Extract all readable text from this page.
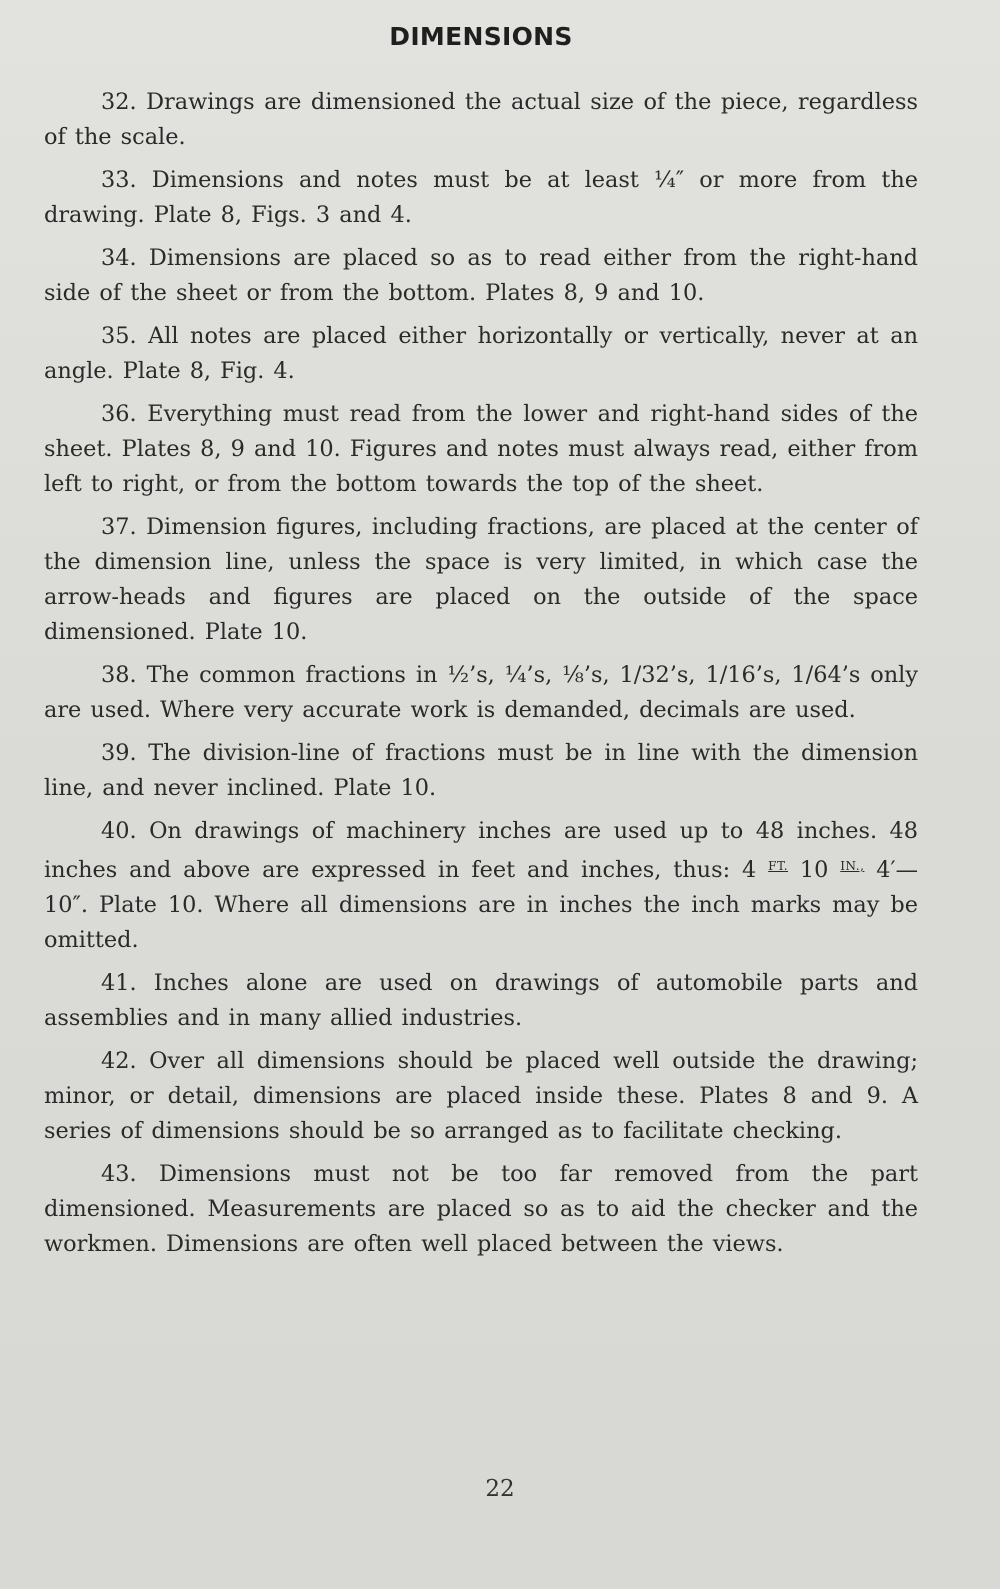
DIMENSIONS

32. Drawings are dimensioned the actual size of the piece, regardless of the scale.

33. Dimensions and notes must be at least ¼″ or more from the drawing. Plate 8, Figs. 3 and 4.

34. Dimensions are placed so as to read either from the right-hand side of the sheet or from the bottom. Plates 8, 9 and 10.

35. All notes are placed either horizontally or vertically, never at an angle. Plate 8, Fig. 4.

36. Everything must read from the lower and right-hand sides of the sheet. Plates 8, 9 and 10. Figures and notes must always read, either from left to right, or from the bottom towards the top of the sheet.

37. Dimension figures, including fractions, are placed at the center of the dimension line, unless the space is very limited, in which case the arrow-heads and figures are placed on the outside of the space dimensioned. Plate 10.

38. The common fractions in ½’s, ¼’s, ⅛’s, 1/32’s, 1/16’s, 1/64’s only are used. Where very accurate work is demanded, decimals are used.

39. The division-line of fractions must be in line with the dimension line, and never inclined. Plate 10.

40. On drawings of machinery inches are used up to 48 inches. 48 inches and above are expressed in feet and inches, thus: 4 $^{FT.}$ 10 $^{IN.,}$ 4′—10″. Plate 10. Where all dimensions are in inches the inch marks may be omitted.

41. Inches alone are used on drawings of automobile parts and assemblies and in many allied industries.

42. Over all dimensions should be placed well outside the drawing; minor, or detail, dimensions are placed inside these. Plates 8 and 9. A series of dimensions should be so arranged as to facilitate checking.

43. Dimensions must not be too far removed from the part dimensioned. Measurements are placed so as to aid the checker and the workmen. Dimensions are often well placed between the views.

22
